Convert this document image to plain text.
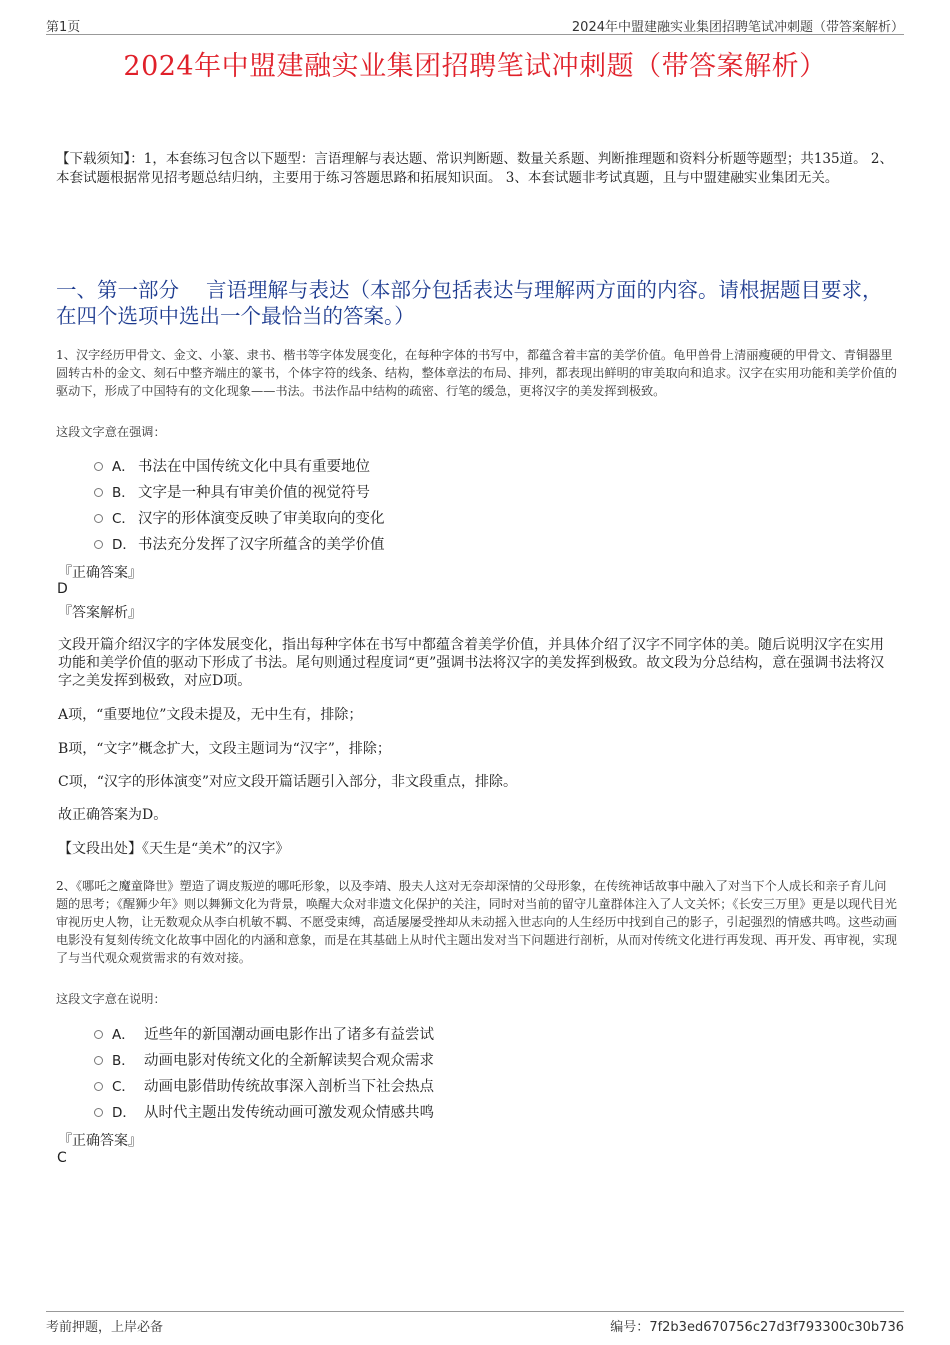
第1页	2024年中盟建融实业集团招聘笔试冲刺题（带答案解析）
2024年中盟建融实业集团招聘笔试冲刺题（带答案解析）
【下载须知】：1，本套练习包含以下题型：言语理解与表达题、常识判断题、数量关系题、判断推理题和资料分析题等题型；共135道。 2、本套试题根据常见招考题总结归纳，主要用于练习答题思路和拓展知识面。 3、本套试题非考试真题，且与中盟建融实业集团无关。
一、第一部分　 言语理解与表达（本部分包括表达与理解两方面的内容。请根据题目要求，在四个选项中选出一个最恰当的答案。）
1、汉字经历甲骨文、金文、小篆、隶书、楷书等字体发展变化，在每种字体的书写中，都蕴含着丰富的美学价值。龟甲兽骨上清丽瘦硬的甲骨文、青铜器里圆转古朴的金文、刻石中整齐端庄的篆书，个体字符的线条、结构，整体章法的布局、排列，都表现出鲜明的审美取向和追求。汉字在实用功能和美学价值的驱动下，形成了中国特有的文化现象——书法。书法作品中结构的疏密、行笔的缓急，更将汉字的美发挥到极致。
这段文字意在强调：
A． 书法在中国传统文化中具有重要地位
B． 文字是一种具有审美价值的视觉符号
C． 汉字的形体演变反映了审美取向的变化
D． 书法充分发挥了汉字所蕴含的美学价值
『正确答案』
D
『答案解析』
文段开篇介绍汉字的字体发展变化，指出每种字体在书写中都蕴含着美学价值，并具体介绍了汉字不同字体的美。随后说明汉字在实用功能和美学价值的驱动下形成了书法。尾句则通过程度词“更”强调书法将汉字的美发挥到极致。故文段为分总结构，意在强调书法将汉字之美发挥到极致，对应D项。
A项，“重要地位”文段未提及，无中生有，排除；
B项，“文字”概念扩大，文段主题词为“汉字”，排除；
C项，“汉字的形体演变”对应文段开篇话题引入部分，非文段重点，排除。
故正确答案为D。
【文段出处】《天生是“美术”的汉字》
2、《哪吒之魔童降世》塑造了调皮叛逆的哪吒形象，以及李靖、殷夫人这对无奈却深情的父母形象，在传统神话故事中融入了对当下个人成长和亲子育儿问题的思考；《醒狮少年》则以舞狮文化为背景，唤醒大众对非遗文化保护的关注，同时对当前的留守儿童群体注入了人文关怀；《长安三万里》更是以现代目光审视历史人物，让无数观众从李白机敏不羁、不愿受束缚，高适屡屡受挫却从未动摇入世志向的人生经历中找到自己的影子，引起强烈的情感共鸣。这些动画电影没有复刻传统文化故事中固化的内涵和意象，而是在其基础上从时代主题出发对当下问题进行剖析，从而对传统文化进行再发现、再开发、再审视，实现了与当代观众观赏需求的有效对接。
这段文字意在说明：
A． 近些年的新国潮动画电影作出了诸多有益尝试
B． 动画电影对传统文化的全新解读契合观众需求
C． 动画电影借助传统故事深入剖析当下社会热点
D． 从时代主题出发传统动画可激发观众情感共鸣
『正确答案』
C
考前押题，上岸必备	编号：7f2b3ed670756c27d3f793300c30b736
